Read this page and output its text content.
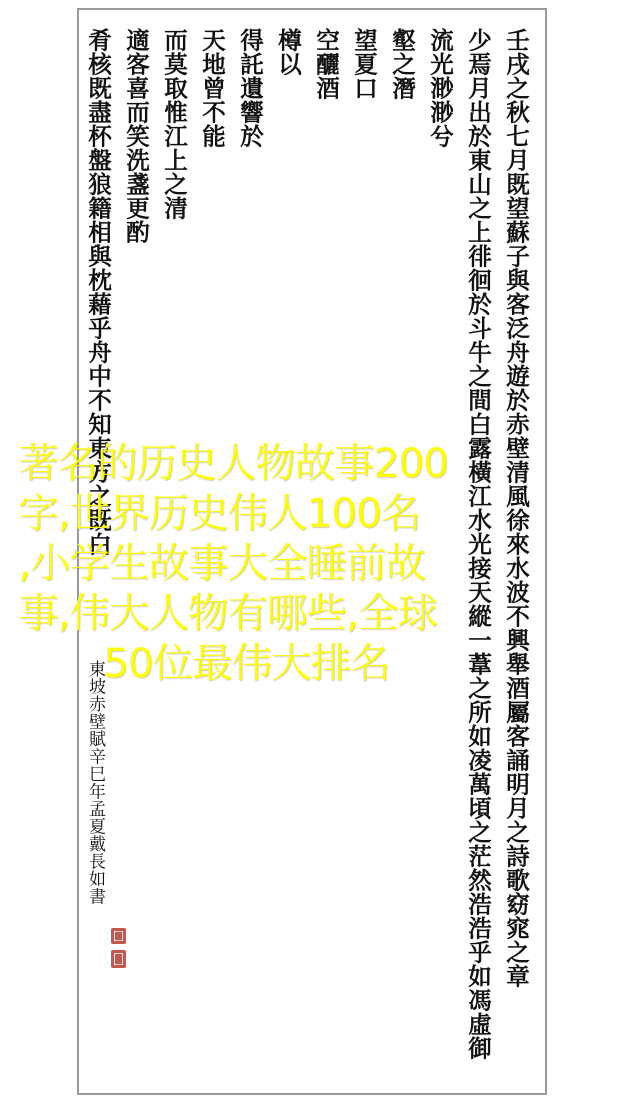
壬戌之秋七月既望蘇子與客泛舟遊於赤壁清風徐來水波不興舉酒屬客誦明月之詩歌窈窕之章
少焉月出於東山之上徘徊於斗牛之間白露橫江水光接天縱一葦之所如凌萬頃之茫然浩浩乎如馮虛御
流光渺渺兮
壑之潛
望夏口
空釃酒
樽以
得託遺響於
天地曾不能
而莫取惟江上之清
適客喜而笑洗盞更酌
肴核既盡杯盤狼籍相與枕藉乎舟中不知東方之既白
東坡赤壁賦辛巳年孟夏戴長如書
著名的历史人物故事200
字,世界历史伟人100名
,小学生故事大全睡前故
事,伟大人物有哪些,全球
50位最伟大排名
